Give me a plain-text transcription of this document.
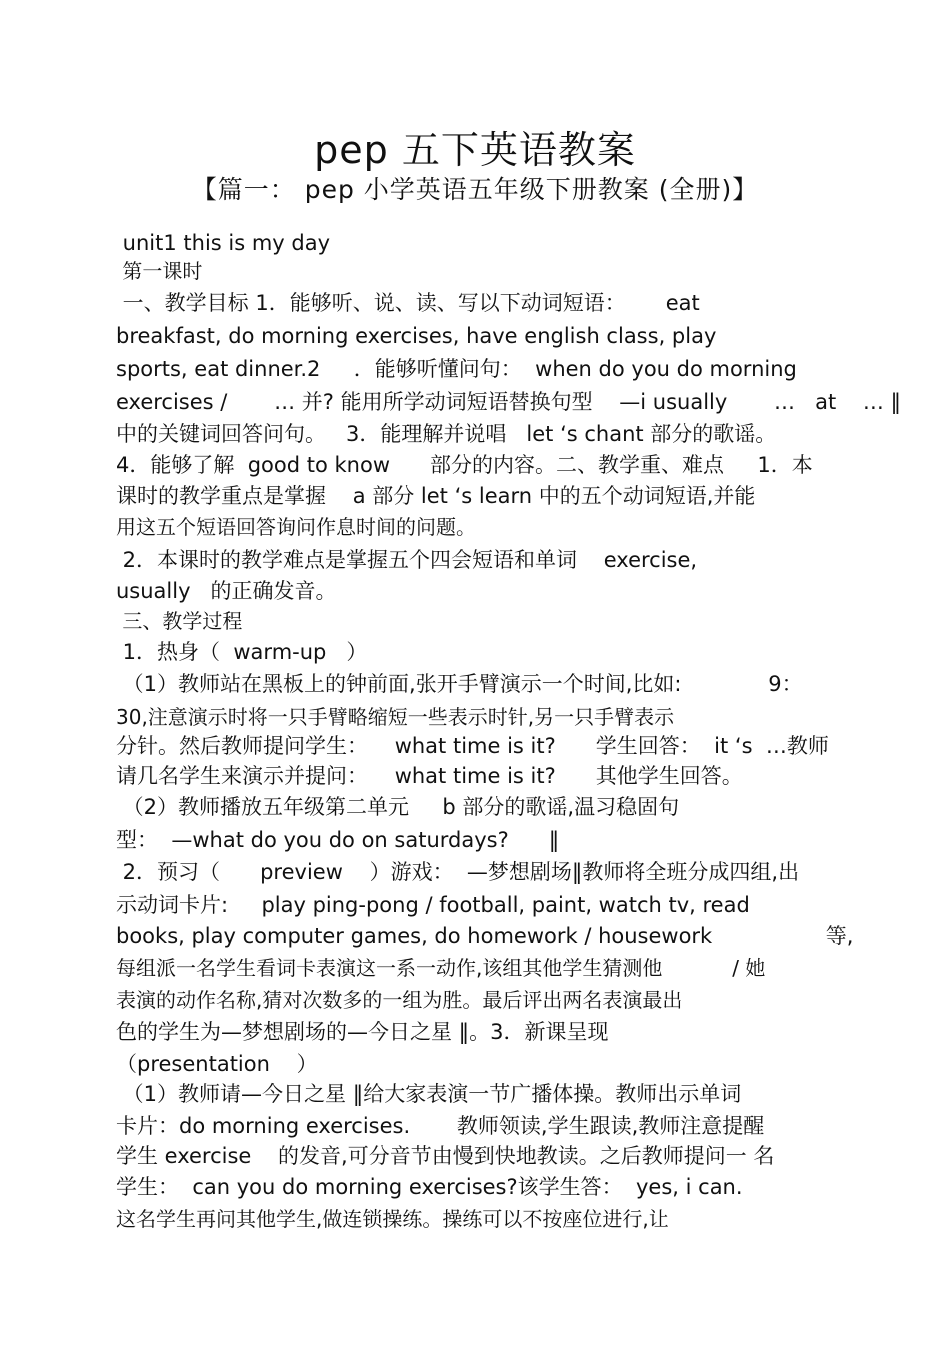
pep 五下英语教案
【篇一： pep 小学英语五年级下册教案 (全册)】
unit1 this is my day
第一课时
一、教学目标 1．能够听、说、读、写以下动词短语：      eat
breakfast, do morning exercises, have english class, play
sports, eat dinner.2     ．能够听懂问句：  when do you do morning
exercises /       … 并? 能用所学动词短语替换句型    —i usually       …   at    … ‖
中的关键词回答问句。   3．能理解并说唱   let ‘s chant 部分的歌谣。
4．能够了解  good to know      部分的内容。二、教学重、难点     1．本
课时的教学重点是掌握    a 部分 let ‘s learn 中的五个动词短语,并能
用这五个短语回答询问作息时间的问题。
2．本课时的教学难点是掌握五个四会短语和单词    exercise,
usually   的正确发音。
三、教学过程
1．热身（  warm-up   ）
（1）教师站在黑板上的钟前面,张开手臂演示一个时间,比如:             9：
30,注意演示时将一只手臂略缩短一些表示时针,另一只手臂表示
分针。然后教师提问学生：    what time is it?      学生回答：  it ‘s  …教师
请几名学生来演示并提问：    what time is it?      其他学生回答。
（2）教师播放五年级第二单元     b 部分的歌谣,温习稳固句
型：  —what do you do on saturdays?      ‖
2．预习（      preview    ）游戏：  —梦想剧场‖教师将全班分成四组,出
示动词卡片:     play ping-pong / football, paint, watch tv, read
books, play computer games, do homework / housework                 等,
每组派一名学生看词卡表演这一系一动作,该组其他学生猜测他           / 她
表演的动作名称,猜对次数多的一组为胜。最后评出两名表演最出
色的学生为—梦想剧场的—今日之星 ‖。3．新课呈现
（presentation    ）
（1）教师请—今日之星 ‖给大家表演一节广播体操。教师出示单词
卡片：do morning exercises.       教师领读,学生跟读,教师注意提醒
学生 exercise    的发音,可分音节由慢到快地教读。之后教师提问一 名
学生：  can you do morning exercises?该学生答：  yes, i can.
这名学生再问其他学生,做连锁操练。操练可以不按座位进行,让
